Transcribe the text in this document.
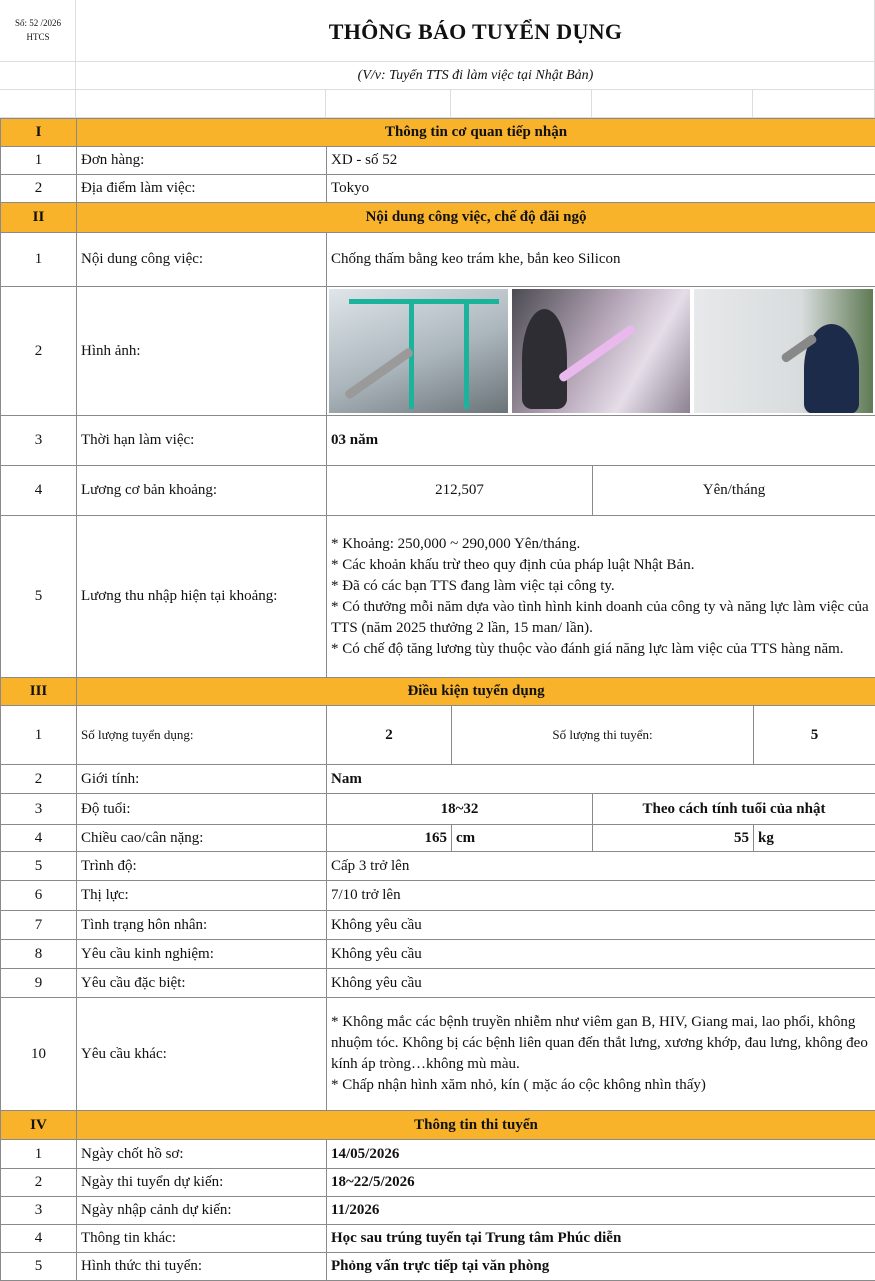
Số: 52 /2026
HTCS	THÔNG BÁO TUYỂN DỤNG
(V/v: Tuyển TTS đi làm việc tại Nhật Bản)
I	Thông tin cơ quan tiếp nhận				
1	Đơn hàng:	XD - số 52			
2	Địa điểm làm việc:	Tokyo			
II	Nội dung công việc, chế độ đãi ngộ				
1	Nội dung công việc:	Chống thấm bằng keo trám khe, bắn keo Silicon			
2	Hình ảnh:				

3	Thời hạn làm việc:	03 năm			
4	Lương cơ bản khoảng:	212,507		Yên/tháng	
5	Lương thu nhập hiện tại khoảng:	* Khoảng: 250,000 ~ 290,000 Yên/tháng.
* Các khoản khấu trừ theo quy định của pháp luật Nhật Bản.
* Đã có các bạn TTS đang làm việc tại công ty.
* Có thưởng mỗi năm dựa vào tình hình kinh doanh của công ty và năng lực làm việc của TTS (năm 2025 thưởng 2 lần, 15 man/ lần).
* Có chế độ tăng lương tùy thuộc vào đánh giá năng lực làm việc của TTS hàng năm.			

III	Điều kiện tuyển dụng				
1	Số lượng tuyển dụng:	2	Số lượng thi tuyển:		5
2	Giới tính:	Nam			
3	Độ tuổi:	18~32		Theo cách tính tuổi của nhật	
4	Chiều cao/cân nặng:	165	cm	55	kg
5	Trình độ:	Cấp 3 trở lên			
6	Thị lực:	7/10 trở lên			
7	Tình trạng hôn nhân:	Không yêu cầu			
8	Yêu cầu kinh nghiệm:	Không yêu cầu			
9	Yêu cầu đặc biệt:	Không yêu cầu			
10	Yêu cầu khác:	* Không mắc các bệnh truyền nhiễm như viêm gan B, HIV, Giang mai, lao phổi, không nhuộm tóc. Không bị các bệnh liên quan đến thắt lưng, xương khớp, đau lưng, không đeo kính áp tròng…không mù màu.
* Chấp nhận hình xăm nhỏ, kín ( mặc áo cộc không nhìn thấy)			

IV	Thông tin thi tuyển				
1	Ngày chốt hồ sơ:	14/05/2026			
2	Ngày thi tuyển dự kiến:	18~22/5/2026			
3	Ngày nhập cảnh dự kiến:	11/2026			
4	Thông tin khác:	Học sau trúng tuyển tại Trung tâm Phúc diễn			
5	Hình thức thi tuyển:	Phỏng vấn trực tiếp tại văn phòng			
